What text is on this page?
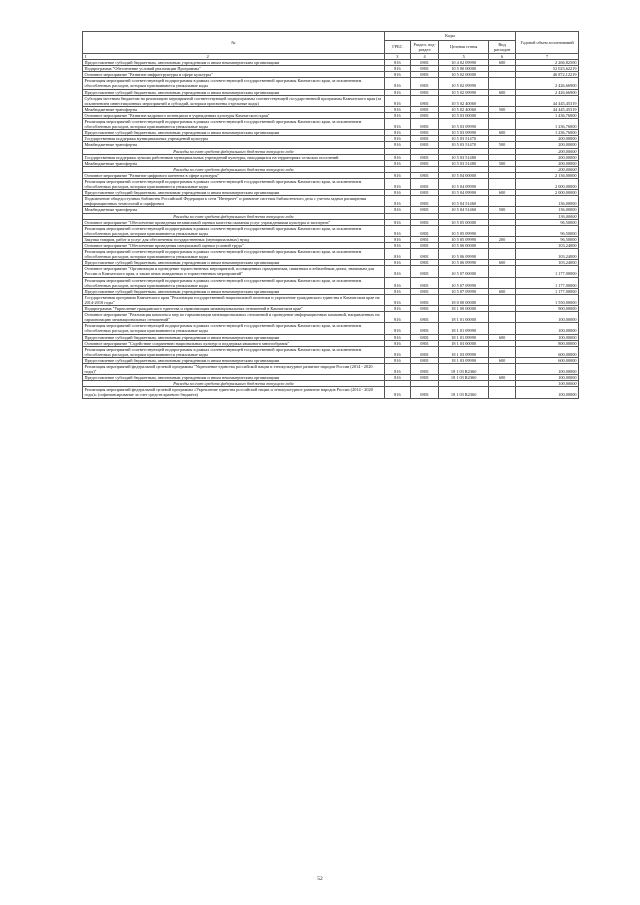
№	Коды				Годовой объем ассигнований
	ГРБС	Раздел, под-раздел	Целевая статья	Вид расходов	
1 2	3	4	5	6	7
Предоставление субсидий бюджетным, автономным учреждениям и иным некоммерческим организациям	816	0801	10 4 02 09990	600	2 266,82500
Подпрограмма "Обеспечение условий реализации Программы"	816	0801	10 5 00 00000		52 023,62219
Основное мероприятие "Развитие инфраструктуры в сфере культуры"	816	0801	10 5 02 00000		46 872,12219
Реализация мероприятий соответствующей подпрограммы в рамках соответствующей государственной программы Камчатского края, за исключением обособленных расходов, которым присваиваются уникальные коды	816	0801	10 5 02 09990		2 426,66900
Предоставление субсидий бюджетным, автономным учреждениям и иным некоммерческим организациям	816	0801	10 5 02 09990	600	2 426,66900
Субсидия местным бюджетам на реализацию мероприятий соответствующей подпрограммы соответствующей государственной программы Камчатского края (за исключением инвестиционных мероприятий и субсидий, которым присвоены отдельные коды)	816	0801	10 5 02 40060		44 445,45319
Межбюджетные трансферты	816	0801	10 5 02 40060	500	44 445,45319
Основное мероприятие "Развитие кадрового потенциала в учреждениях культуры Камчатского края"	816	0801	10 5 03 00000		1 436,76000
Реализация мероприятий соответствующей подпрограммы в рамках соответствующей государственной программы Камчатского края, за исключением обособленных расходов, которым присваиваются уникальные коды	816	0801	10 5 03 09990		1 236,76000
Предоставление субсидий бюджетным, автономным учреждениям и иным некоммерческим организациям	816	0801	10 5 03 09990	600	1 236,76000
Государственная поддержка муниципальных учреждений культуры	816	0801	10 5 03 51470		200,00000
Межбюджетные трансферты	816	0801	10 5 03 51470	500	200,00000
Расходы за счет средств федерального бюджета текущего года					200,00000
Государственная поддержка лучших работников муниципальных учреждений культуры, находящихся на территориях сельских поселений	816	0801	10 5 03 51480		200,00000
Межбюджетные трансферты	816	0801	10 5 03 51480	500	200,00000
Расходы за счет средств федерального бюджета текущего года					200,00000
Основное мероприятие "Развитие цифрового контента в сфере культуры"	816	0801	10 5 04 00000		2 136,00000
Реализация мероприятий соответствующей подпрограммы в рамках соответствующей государственной программы Камчатского края, за исключением обособленных расходов, которым присваиваются уникальные коды	816	0801	10 5 04 09990		2 000,00000
Предоставление субсидий бюджетным, автономным учреждениям и иным некоммерческим организациям	816	0801	10 5 04 09990	600	2 000,00000
Подключение общедоступных библиотек Российской Федерации к сети "Интернет" и развитие системы библиотечного дела с учетом задачи расширения информационных технологий и оцифровки	816	0801	10 5 04 51460		136,00000
Межбюджетные трансферты	816	0801	10 5 04 51460	500	136,00000
Расходы за счет средств федерального бюджета текущего года					136,00000
Основное мероприятие "Обеспечение проведения независимой оценки качества оказания услуг учреждениями культуры и экспертиз"	816	0801	10 5 05 00000		96,50000
Реализация мероприятий соответствующей подпрограммы в рамках соответствующей государственной программы Камчатского края, за исключением обособленных расходов, которым присваиваются уникальные коды	816	0801	10 5 05 09990		96,50000
Закупка товаров, работ и услуг для обеспечения государственных (муниципальных) нужд	816	0801	10 5 05 09990	200	96,50000
Основное мероприятие "Обеспечение проведения специальной оценки условий труда"	816	0801	10 5 06 00000		103,24000
Реализация мероприятий соответствующей подпрограммы в рамках соответствующей государственной программы Камчатского края, за исключением обособленных расходов, которым присваиваются уникальные коды	816	0801	10 5 06 09990		103,24000
Предоставление субсидий бюджетным, автономным учреждениям и иным некоммерческим организациям	816	0801	10 5 06 09990	600	103,24000
Основное мероприятие "Организация и проведение торжественных мероприятий, посвященных праздничным, памятным и юбилейным датам, значимым для России и Камчатского края, а также иных имиджевых и торжественных мероприятий"	816	0801	10 5 07 00000		1 177,00000
Реализация мероприятий соответствующей подпрограммы в рамках соответствующей государственной программы Камчатского края, за исключением обособленных расходов, которым присваиваются уникальные коды	816	0801	10 5 07 09990		1 177,00000
Предоставление субсидий бюджетным, автономным учреждениям и иным некоммерческим организациям	816	0801	10 5 07 09990	600	1 177,00000
Государственная программа Камчатского края "Реализация государственной национальной политики и укрепление гражданского единства в Камчатском крае на 2014-2018 годы"	816	0801	18 0 00 00000		1 550,00000
Подпрограмма "Укрепление гражданского единства и гармонизация межнациональных отношений в Камчатском крае"	816	0801	18 1 00 00000		900,00000
Основное мероприятие "Реализация комплекса мер по гармонизации межнациональных отношений и проведение информационных кампаний, направленных на гармонизацию межнациональных отношений"	816	0801	18 1 01 00000		100,00000
Реализация мероприятий соответствующей подпрограммы в рамках соответствующей государственной программы Камчатского края, за исключением обособленных расходов, которым присваиваются уникальные коды	816	0801	18 1 01 09990		100,00000
Предоставление субсидий бюджетным, автономным учреждениям и иным некоммерческим организациям	816	0801	18 1 01 09990	600	100,00000
Основное мероприятие "Содействие сохранению национальных культур и поддержка языкового многообразия"	816	0801	18 1 03 00000		800,00000
Реализация мероприятий соответствующей подпрограммы в рамках соответствующей государственной программы Камчатского края, за исключением обособленных расходов, которым присваиваются уникальные коды	816	0801	18 1 03 09990		600,00000
Предоставление субсидий бюджетным, автономным учреждениям и иным некоммерческим организациям	816	0801	18 1 03 09990	600	600,00000
Реализация мероприятий федеральной целевой программы "Укрепление единства российской нации и этнокультурное развитие народов России (2014 - 2020 годы)"	816	0801	18 1 03 R2360		100,00000
Предоставление субсидий бюджетным, автономным учреждениям и иным некоммерческим организациям	816	0801	18 1 03 R2360	600	100,00000
Расходы за счет средств федерального бюджета текущего года					100,00000
Реализация мероприятий федеральной целевой программы «Укрепление единства российской нации и этнокультурное развитие народов России (2014 - 2020 годы)» (софинансирование за счет средств краевого бюджета)	816	0801	18 1 03 R2360		100,00000
52
